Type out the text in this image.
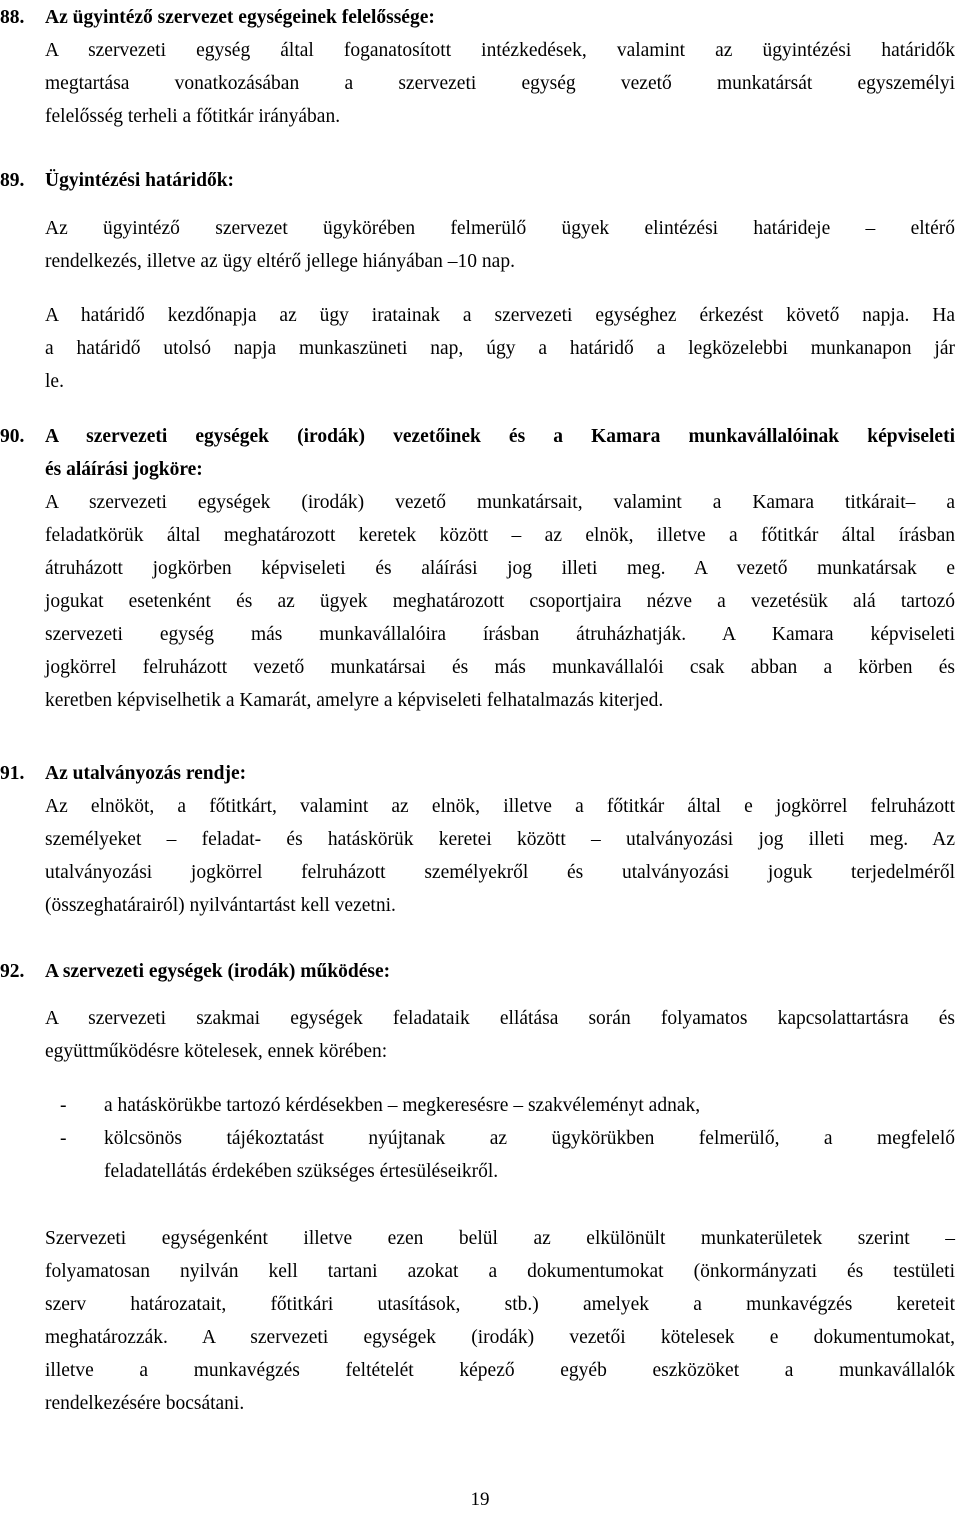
88. Az ügyintéző szervezet egységeinek felelőssége:
A szervezeti egység által foganatosított intézkedések, valamint az ügyintézési határidők
megtartása vonatkozásában a szervezeti egység vezető munkatársát egyszemélyi
felelősség terheli a főtitkár irányában.
89. Ügyintézési határidők:
Az ügyintéző szervezet ügykörében felmerülő ügyek elintézési határideje – eltérő
rendelkezés, illetve az ügy eltérő jellege hiányában –10 nap.
A határidő kezdőnapja az ügy iratainak a szervezeti egységhez érkezést követő napja. Ha
a határidő utolsó napja munkaszüneti nap, úgy a határidő a legközelebbi munkanapon jár
le.
90. A szervezeti egységek (irodák) vezetőinek és a Kamara munkavállalóinak képviseleti
és aláírási jogköre:
A szervezeti egységek (irodák) vezető munkatársait, valamint a Kamara titkárait– a
feladatkörük által meghatározott keretek között – az elnök, illetve a főtitkár által írásban
átruházott jogkörben képviseleti és aláírási jog illeti meg. A vezető munkatársak e
jogukat esetenként és az ügyek meghatározott csoportjaira nézve a vezetésük alá tartozó
szervezeti egység más munkavállalóira írásban átruházhatják. A Kamara képviseleti
jogkörrel felruházott vezető munkatársai és más munkavállalói csak abban a körben és
keretben képviselhetik a Kamarát, amelyre a képviseleti felhatalmazás kiterjed.
91. Az utalványozás rendje:
Az elnököt, a főtitkárt, valamint az elnök, illetve a főtitkár által e jogkörrel felruházott
személyeket – feladat- és hatáskörük keretei között – utalványozási jog illeti meg. Az
utalványozási jogkörrel felruházott személyekről és utalványozási joguk terjedelméről
(összeghatárairól) nyilvántartást kell vezetni.
92. A szervezeti egységek (irodák) működése:
A szervezeti szakmai egységek feladataik ellátása során folyamatos kapcsolattartásra és
együttműködésre kötelesek, ennek körében:
- a hatáskörükbe tartozó kérdésekben – megkeresésre – szakvéleményt adnak,
- kölcsönös tájékoztatást nyújtanak az ügykörükben felmerülő, a megfelelő
feladatellátás érdekében szükséges értesüléseikről.
Szervezeti egységenként illetve ezen belül az elkülönült munkaterületek szerint –
folyamatosan nyilván kell tartani azokat a dokumentumokat (önkormányzati és testületi
szerv határozatait, főtitkári utasítások, stb.) amelyek a munkavégzés kereteit
meghatározzák. A szervezeti egységek (irodák) vezetői kötelesek e dokumentumokat,
illetve a munkavégzés feltételét képező egyéb eszközöket a munkavállalók
rendelkezésére bocsátani.
19
